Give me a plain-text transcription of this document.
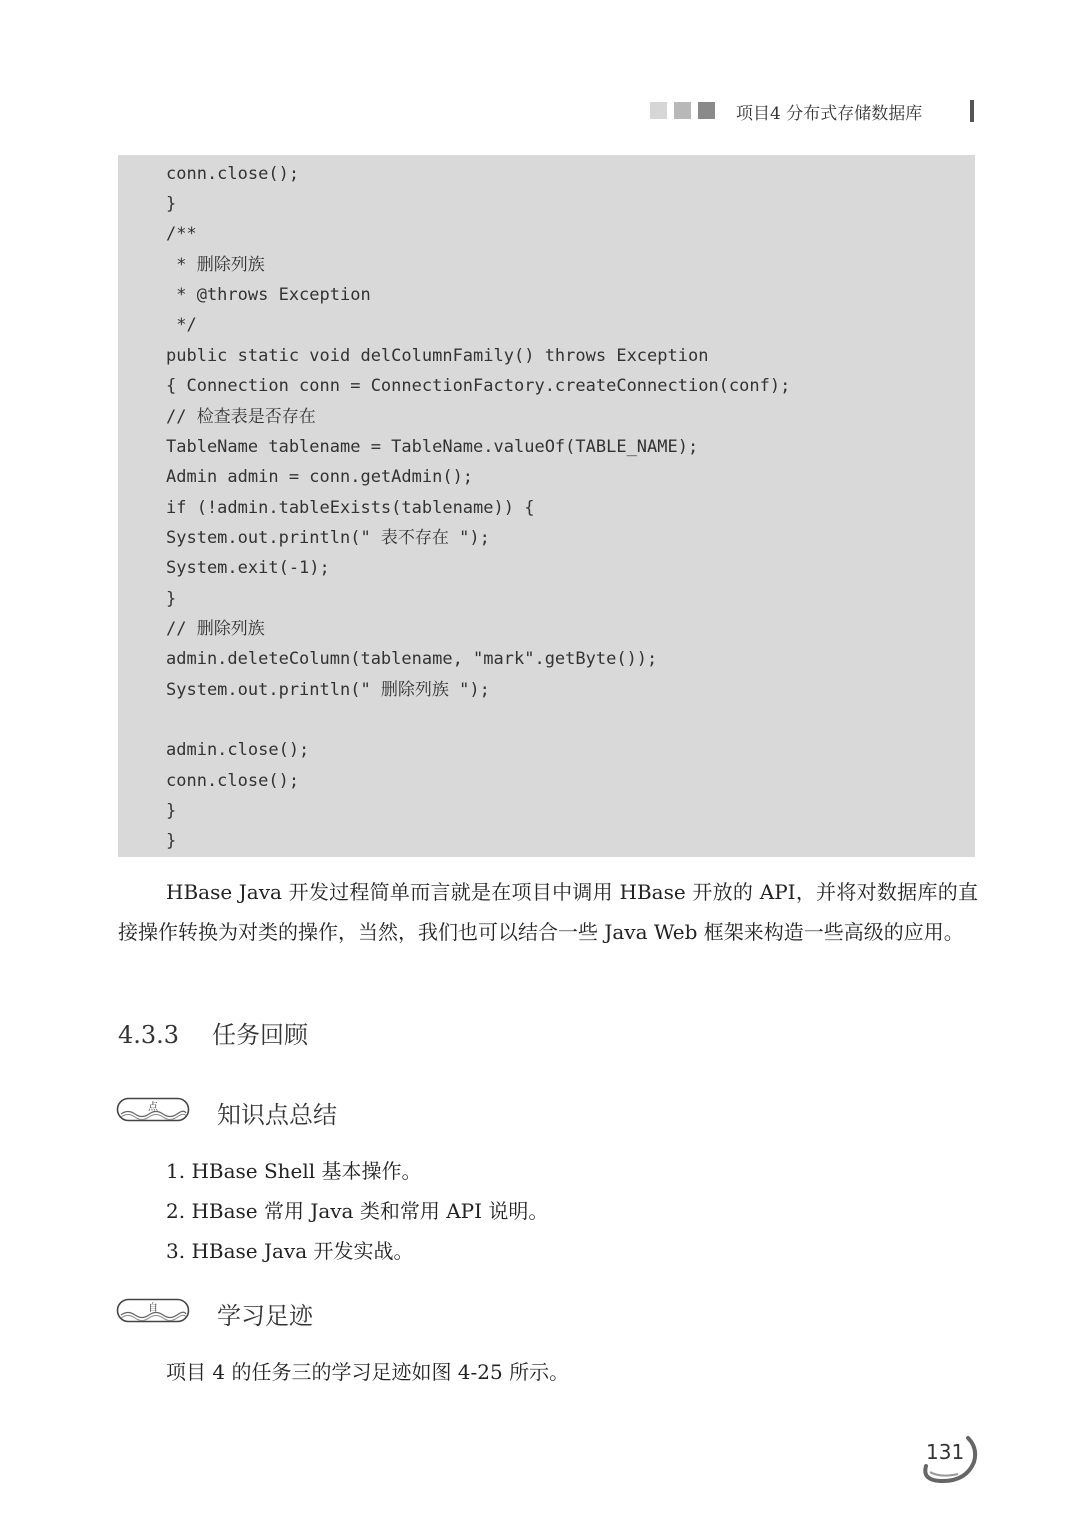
项目4 分布式存储数据库
conn.close();
}
/**
* 删除列族
* @throws Exception
*/
public static void delColumnFamily() throws Exception
{ Connection conn = ConnectionFactory.createConnection(conf);
// 检查表是否存在
TableName tablename = TableName.valueOf(TABLE_NAME);
Admin admin = conn.getAdmin();
if (!admin.tableExists(tablename)) {
System.out.println(" 表不存在 ");
System.exit(-1);
}
// 删除列族
admin.deleteColumn(tablename, "mark".getByte());
System.out.println(" 删除列族 ");
admin.close();
conn.close();
}
}
HBase Java 开发过程简单而言就是在项目中调用 HBase 开放的 API，并将对数据库的直接操作转换为对类的操作，当然，我们也可以结合一些 Java Web 框架来构造一些高级的应用。
4.3.3 任务回顾
点 知识点总结
1. HBase Shell 基本操作。
2. HBase 常用 Java 类和常用 API 说明。
3. HBase Java 开发实战。
自 学习足迹
项目 4 的任务三的学习足迹如图 4-25 所示。
131
